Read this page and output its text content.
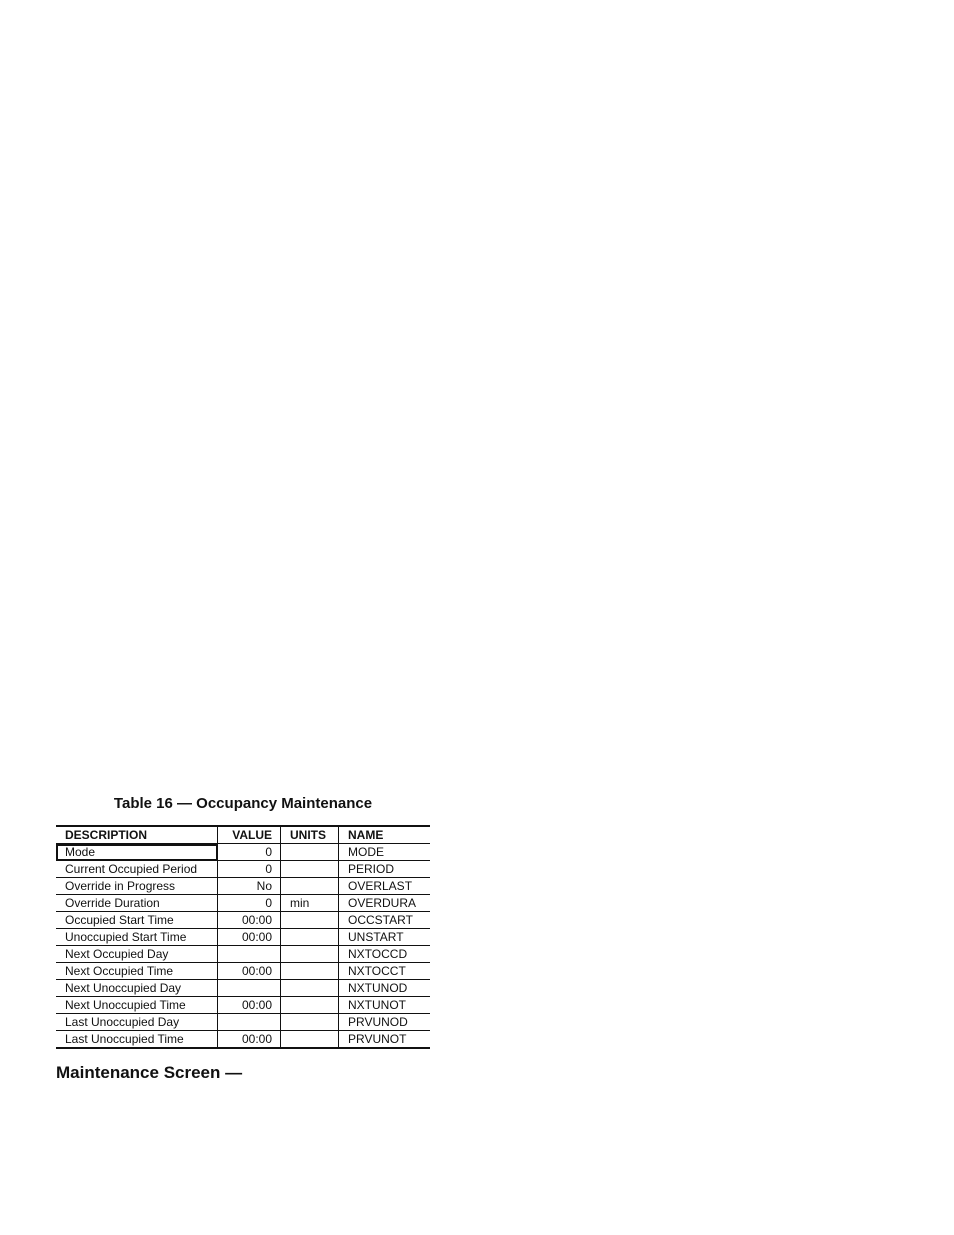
Table 16 — Occupancy Maintenance
DESCRIPTION	VALUE	UNITS	NAME
Mode	0		MODE
Current Occupied Period	0		PERIOD
Override in Progress	No		OVERLAST
Override Duration	0	min	OVERDURA
Occupied Start Time	00:00		OCCSTART
Unoccupied Start Time	00:00		UNSTART
Next Occupied Day			NXTOCCD
Next Occupied Time	00:00		NXTOCCT
Next Unoccupied Day			NXTUNOD
Next Unoccupied Time	00:00		NXTUNOT
Last Unoccupied Day			PRVUNOD
Last Unoccupied Time	00:00		PRVUNOT
Maintenance Screen —
